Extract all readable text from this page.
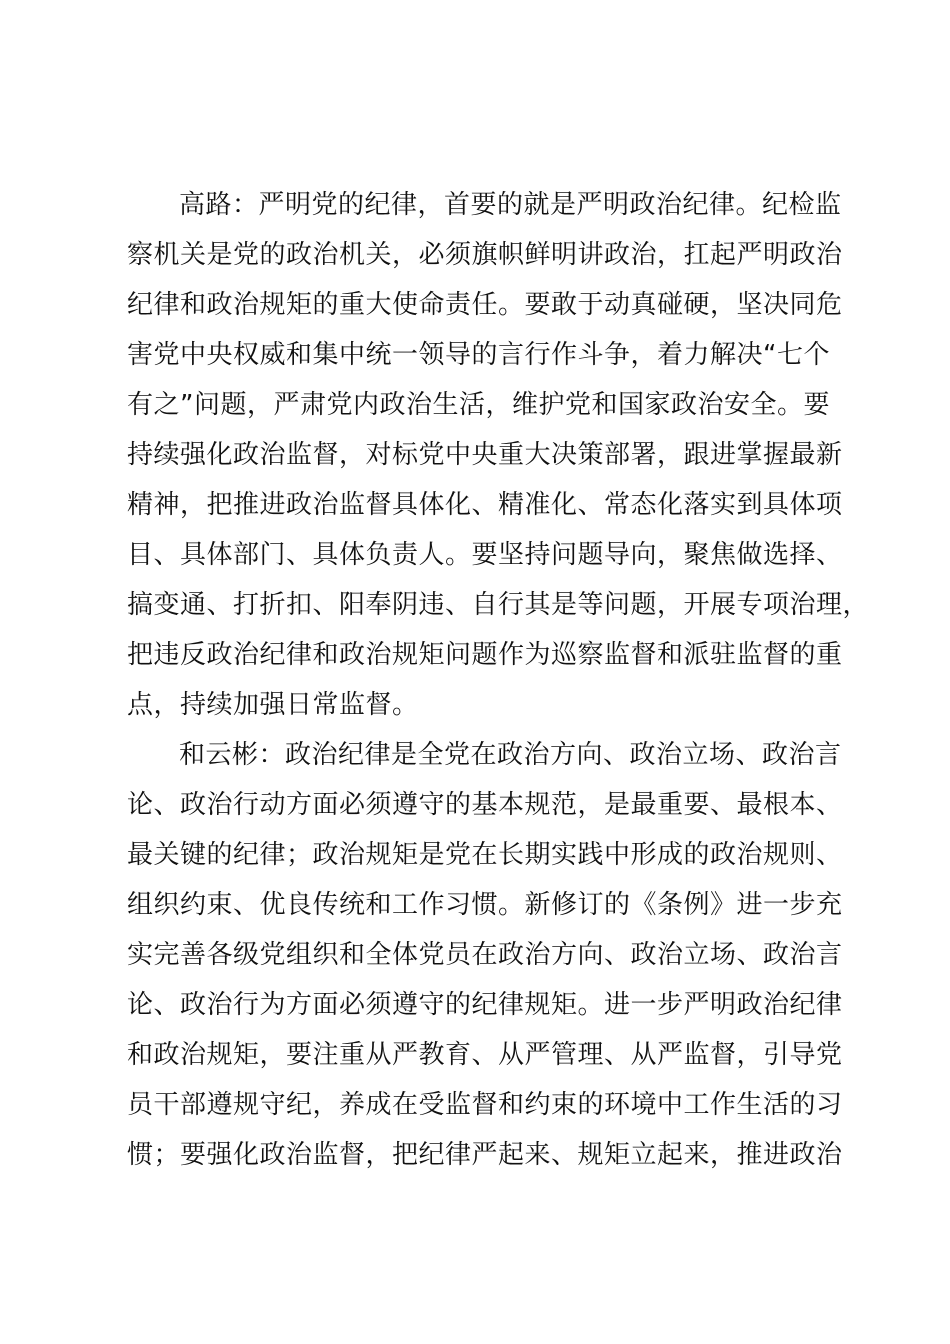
高路：严明党的纪律，首要的就是严明政治纪律。纪检监
察机关是党的政治机关，必须旗帜鲜明讲政治，扛起严明政治
纪律和政治规矩的重大使命责任。要敢于动真碰硬，坚决同危
害党中央权威和集中统一领导的言行作斗争，着力解决“七个
有之”问题，严肃党内政治生活，维护党和国家政治安全。要
持续强化政治监督，对标党中央重大决策部署，跟进掌握最新
精神，把推进政治监督具体化、精准化、常态化落实到具体项
目、具体部门、具体负责人。要坚持问题导向，聚焦做选择、
搞变通、打折扣、阳奉阴违、自行其是等问题，开展专项治理，
把违反政治纪律和政治规矩问题作为巡察监督和派驻监督的重
点，持续加强日常监督。
和云彬：政治纪律是全党在政治方向、政治立场、政治言
论、政治行动方面必须遵守的基本规范，是最重要、最根本、
最关键的纪律；政治规矩是党在长期实践中形成的政治规则、
组织约束、优良传统和工作习惯。新修订的《条例》进一步充
实完善各级党组织和全体党员在政治方向、政治立场、政治言
论、政治行为方面必须遵守的纪律规矩。进一步严明政治纪律
和政治规矩，要注重从严教育、从严管理、从严监督，引导党
员干部遵规守纪，养成在受监督和约束的环境中工作生活的习
惯；要强化政治监督，把纪律严起来、规矩立起来，推进政治
